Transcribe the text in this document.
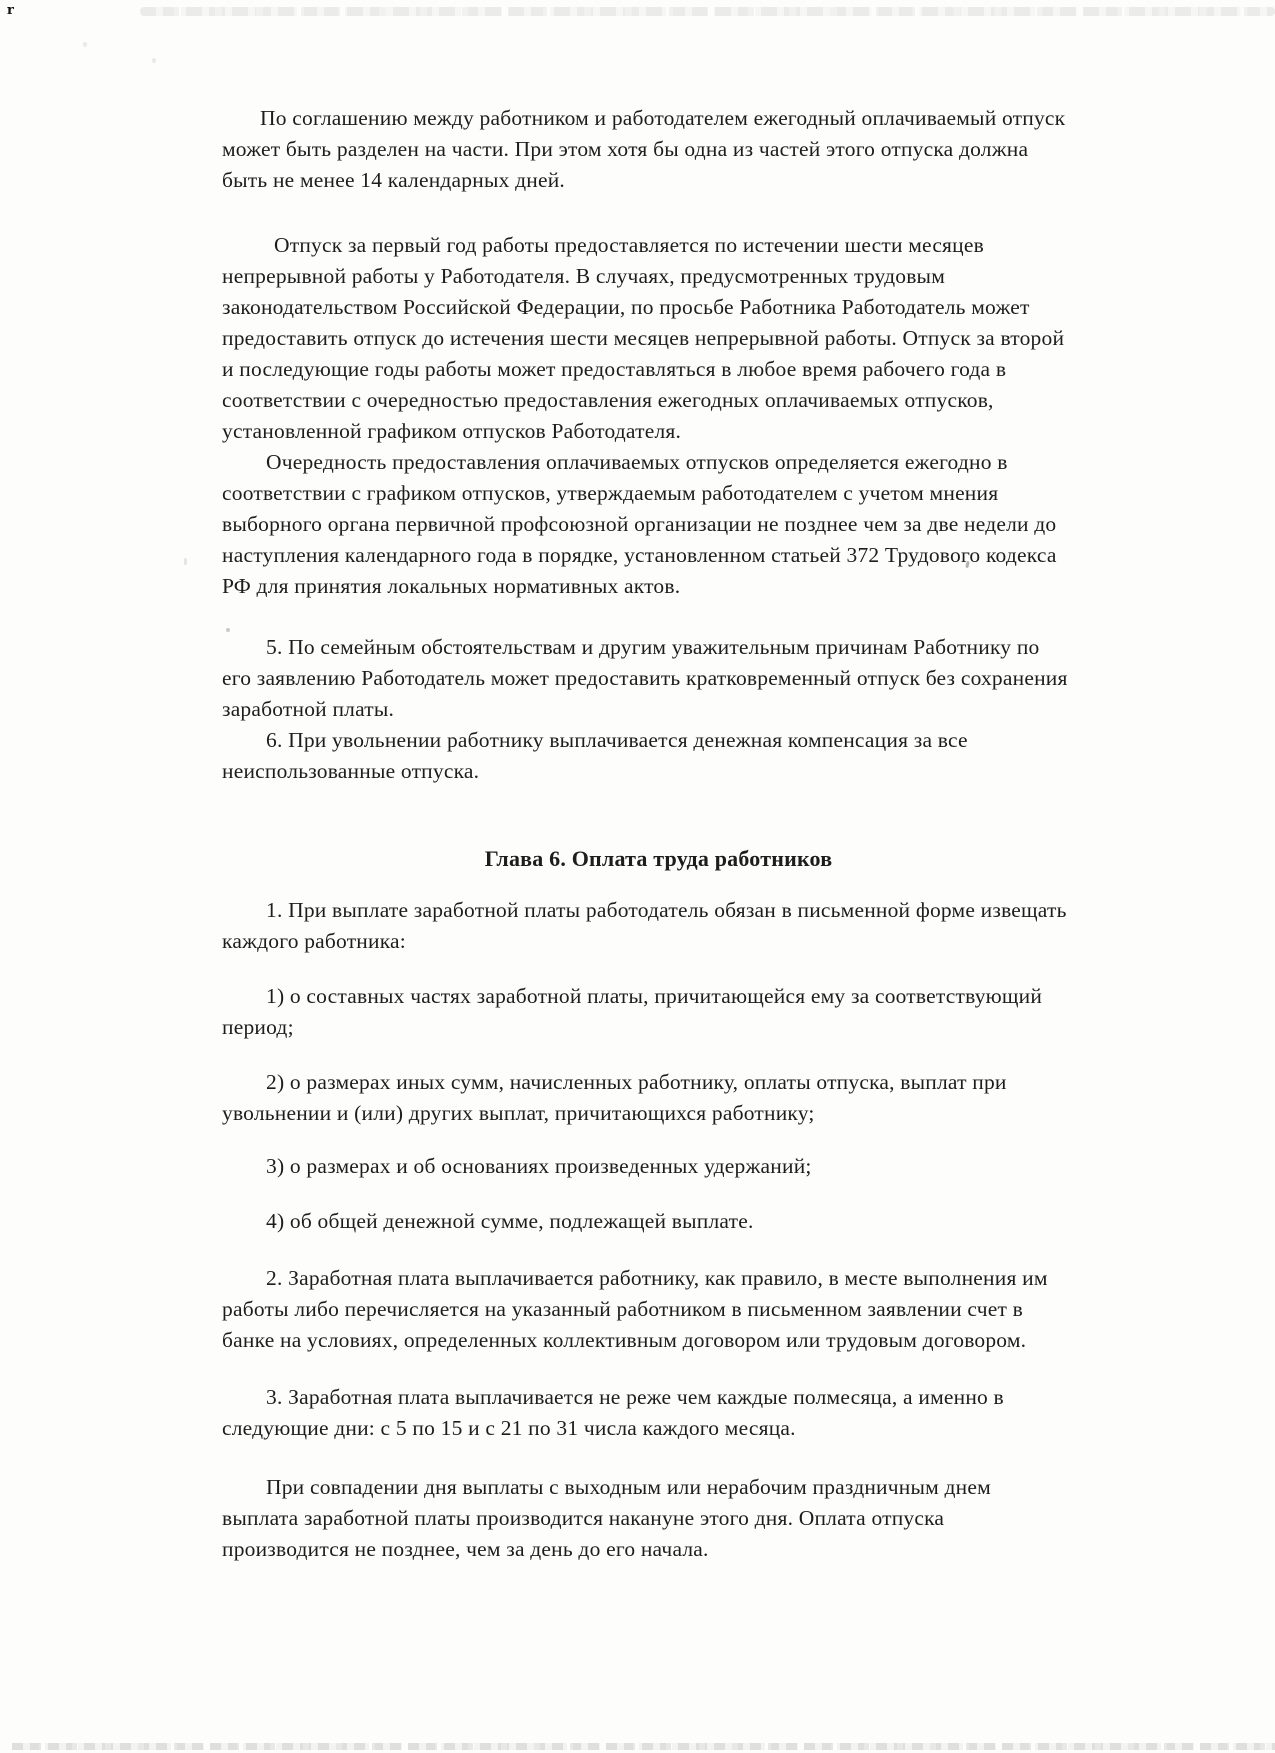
r
По соглашению между работником и работодателем ежегодный оплачиваемый отпуск
может быть разделен на части. При этом хотя бы одна из частей этого отпуска должна
быть не менее 14 календарных дней.
Отпуск за первый год работы предоставляется по истечении шести месяцев
непрерывной работы у Работодателя. В случаях, предусмотренных трудовым
законодательством Российской Федерации, по просьбе Работника Работодатель может
предоставить отпуск до истечения шести месяцев непрерывной работы. Отпуск за второй
и последующие годы работы может предоставляться в любое время рабочего года в
соответствии с очередностью предоставления ежегодных оплачиваемых отпусков,
установленной графиком отпусков Работодателя.
Очередность предоставления оплачиваемых отпусков определяется ежегодно в
соответствии с графиком отпусков, утверждаемым работодателем с учетом мнения
выборного органа первичной профсоюзной организации не позднее чем за две недели до
наступления календарного года в порядке, установленном статьей 372 Трудового кодекса
РФ для принятия локальных нормативных актов.
5. По семейным обстоятельствам и другим уважительным причинам Работнику по
его заявлению Работодатель может предоставить кратковременный отпуск без сохранения
заработной платы.
6. При увольнении работнику выплачивается денежная компенсация за все
неиспользованные отпуска.
Глава 6. Оплата труда работников
1. При выплате заработной платы работодатель обязан в письменной форме извещать
каждого работника:
1) о составных частях заработной платы, причитающейся ему за соответствующий
период;
2) о размерах иных сумм, начисленных работнику, оплаты отпуска, выплат при
увольнении и (или) других выплат, причитающихся работнику;
3) о размерах и об основаниях произведенных удержаний;
4) об общей денежной сумме, подлежащей выплате.
2. Заработная плата выплачивается работнику, как правило, в месте выполнения им
работы либо перечисляется на указанный работником в письменном заявлении счет в
банке на условиях, определенных коллективным договором или трудовым договором.
3. Заработная плата выплачивается не реже чем каждые полмесяца, а именно в
следующие дни: с 5 по 15 и с 21 по 31 числа каждого месяца.
При совпадении дня выплаты с выходным или нерабочим праздничным днем
выплата заработной платы производится накануне этого дня. Оплата отпуска
производится не позднее, чем за день до его начала.
